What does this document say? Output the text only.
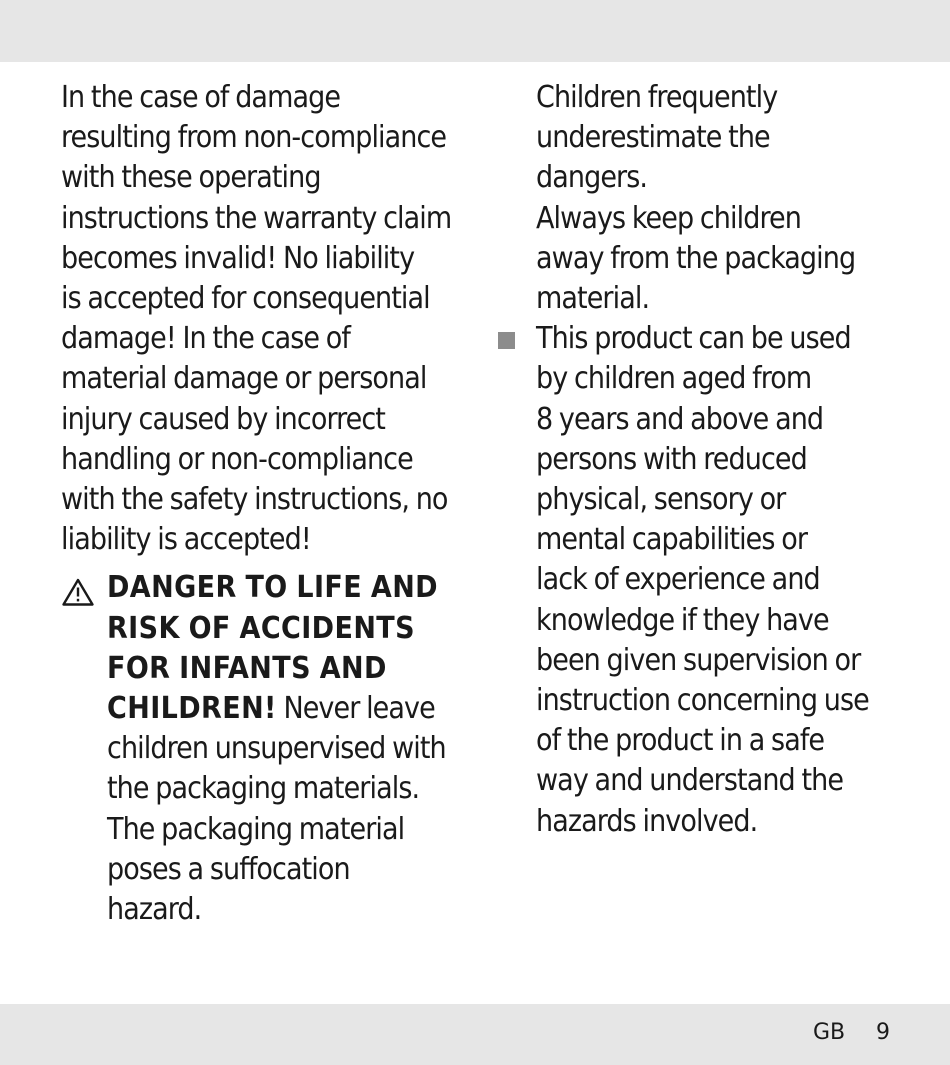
In the case of damage
resulting from non-compliance
with these operating
instructions the warranty claim
becomes invalid! No liability
is accepted for consequential
damage! In the case of
material damage or personal
injury caused by incorrect
handling or non-compliance
with the safety instructions, no
liability is accepted!
DANGER TO LIFE AND
RISK OF ACCIDENTS
FOR INFANTS AND
CHILDREN! Never leave
children unsupervised with
the packaging materials.
The packaging material
poses a suffocation
hazard.
Children frequently
underestimate the
dangers.
Always keep children
away from the packaging
material.
This product can be used
by children aged from
8 years and above and
persons with reduced
physical, sensory or
mental capabilities or
lack of experience and
knowledge if they have
been given supervision or
instruction concerning use
of the product in a safe
way and understand the
hazards involved.
GB 9
